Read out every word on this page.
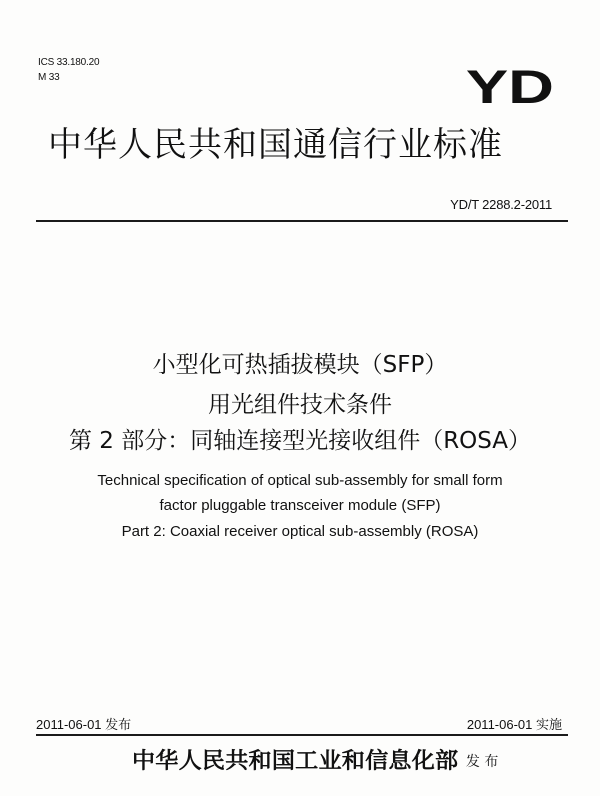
ICS 33.180.20
M 33	YD
中华人民共和国通信行业标准
YD/T 2288.2-2011
小型化可热插拔模块（SFP）
用光组件技术条件
第 2 部分：同轴连接型光接收组件（ROSA）
Technical specification of optical sub-assembly for small form
factor pluggable transceiver module (SFP)
Part 2: Coaxial receiver optical sub-assembly (ROSA)
2011-06-01 发布	2011-06-01 实施
中华人民共和国工业和信息化部 发 布
